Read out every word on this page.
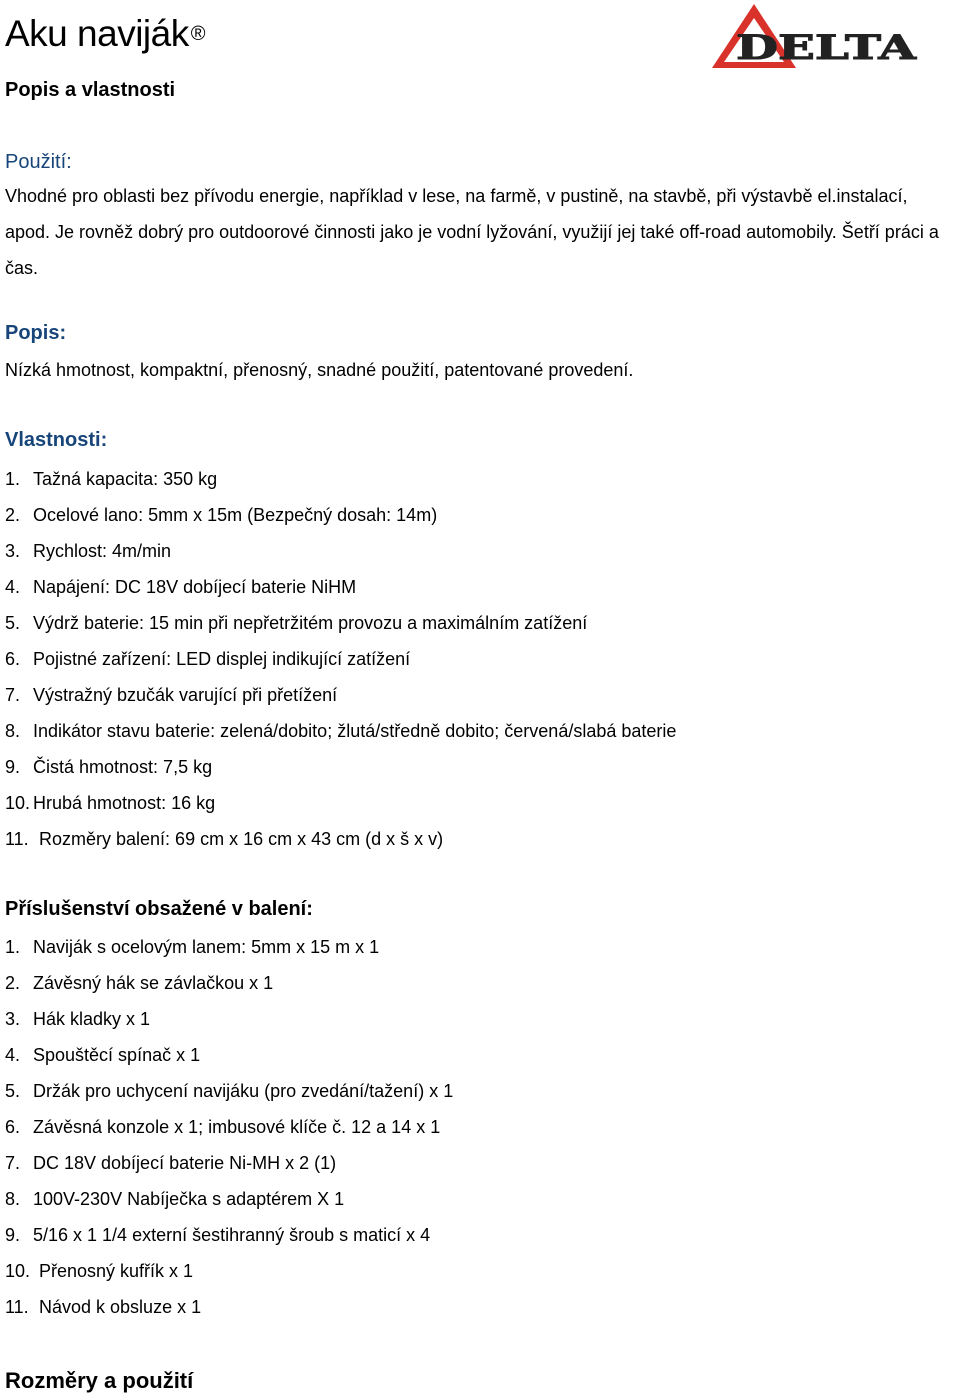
Aku naviják ®	DELTA
Popis a vlastnosti
Použití:

Vhodné pro oblasti bez přívodu energie, například v lese, na farmě, v pustině, na stavbě, při výstavbě el.instalací, apod. Je rovněž dobrý pro outdoorové činnosti jako je vodní lyžování, využijí jej také off-road automobily. Šetří práci a čas.

Popis:

Nízká hmotnost, kompaktní, přenosný, snadné použití, patentované provedení.

Vlastnosti:
1. Tažná kapacita: 350 kg
2. Ocelové lano: 5mm x 15m (Bezpečný dosah: 14m)
3. Rychlost: 4m/min
4. Napájení: DC 18V dobíjecí baterie NiHM
5. Výdrž baterie: 15 min při nepřetržitém provozu a maximálním zatížení
6. Pojistné zařízení: LED displej indikující zatížení
7. Výstražný bzučák varující při přetížení
8. Indikátor stavu baterie: zelená/dobito; žlutá/středně dobito; červená/slabá baterie
9. Čistá hmotnost: 7,5 kg
10. Hrubá hmotnost: 16 kg
11. Rozměry balení: 69 cm x 16 cm x 43 cm (d x š x v)
Příslušenství obsažené v balení:
1. Naviják s ocelovým lanem: 5mm x 15 m x 1
2. Závěsný hák se závlačkou x 1
3. Hák kladky x 1
4. Spouštěcí spínač x 1
5. Držák pro uchycení navijáku (pro zvedání/tažení) x 1
6. Závěsná konzole x 1; imbusové klíče č. 12 a 14 x 1
7. DC 18V dobíjecí baterie Ni-MH x 2 (1)
8. 100V-230V Nabíječka s adaptérem X 1
9. 5/16 x 1 1/4 externí šestihranný šroub s maticí x 4
10. Přenosný kufřík x 1
11. Návod k obsluze x 1
Rozměry a použití
